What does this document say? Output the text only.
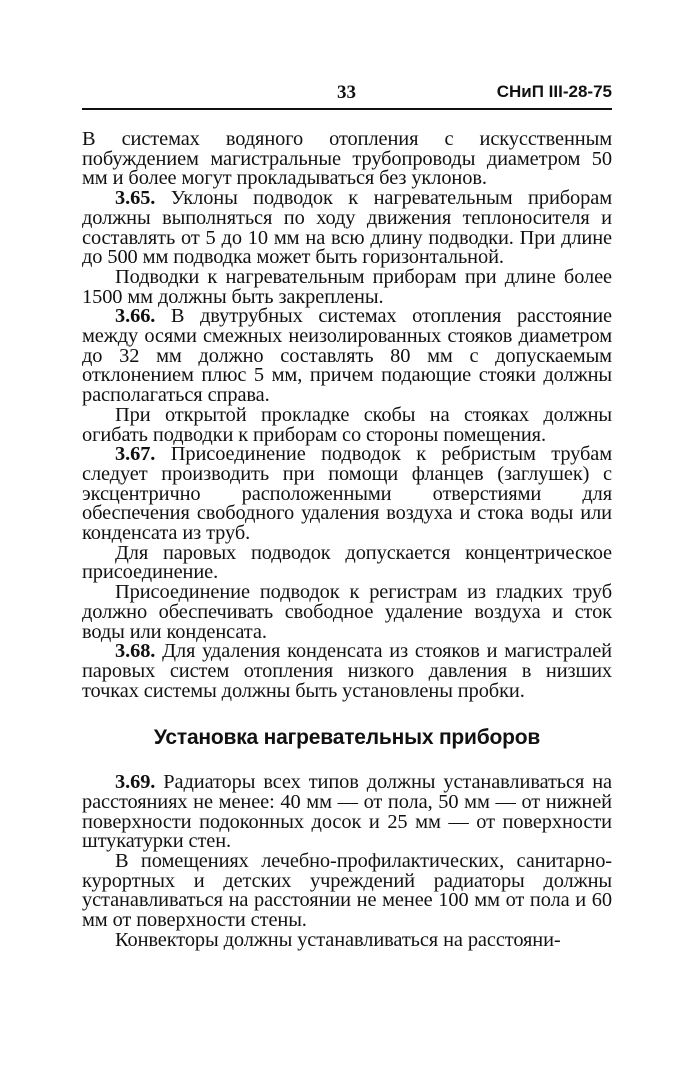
33	СНиП III-28-75

В системах водяного отопления с искусственным побуждением магистральные трубопроводы диаметром 50 мм и более могут прокладываться без уклонов.

3.65. Уклоны подводок к нагревательным приборам должны выполняться по ходу движения теплоносителя и составлять от 5 до 10 мм на всю длину подводки. При длине до 500 мм подводка может быть горизонтальной.

Подводки к нагревательным приборам при длине более 1500 мм должны быть закреплены.

3.66. В двутрубных системах отопления расстояние между осями смежных неизолированных стояков диаметром до 32 мм должно составлять 80 мм с допускаемым отклонением плюс 5 мм, причем подающие стояки должны располагаться справа.

При открытой прокладке скобы на стояках должны огибать подводки к приборам со стороны помещения.

3.67. Присоединение подводок к ребристым трубам следует производить при помощи фланцев (заглушек) с эксцентрично расположенными отверстиями для обеспечения свободного удаления воздуха и стока воды или конденсата из труб.

Для паровых подводок допускается концентрическое присоединение.

Присоединение подводок к регистрам из гладких труб должно обеспечивать свободное удаление воздуха и сток воды или конденсата.

3.68. Для удаления конденсата из стояков и магистралей паровых систем отопления низкого давления в низших точках системы должны быть установлены пробки.

Установка нагревательных приборов

3.69. Радиаторы всех типов должны устанавливаться на расстояниях не менее: 40 мм — от пола, 50 мм — от нижней поверхности подоконных досок и 25 мм — от поверхности штукатурки стен.

В помещениях лечебно-профилактических, санитарно-курортных и детских учреждений радиаторы должны устанавливаться на расстоянии не менее 100 мм от пола и 60 мм от поверхности стены.

Конвекторы должны устанавливаться на расстояни-
